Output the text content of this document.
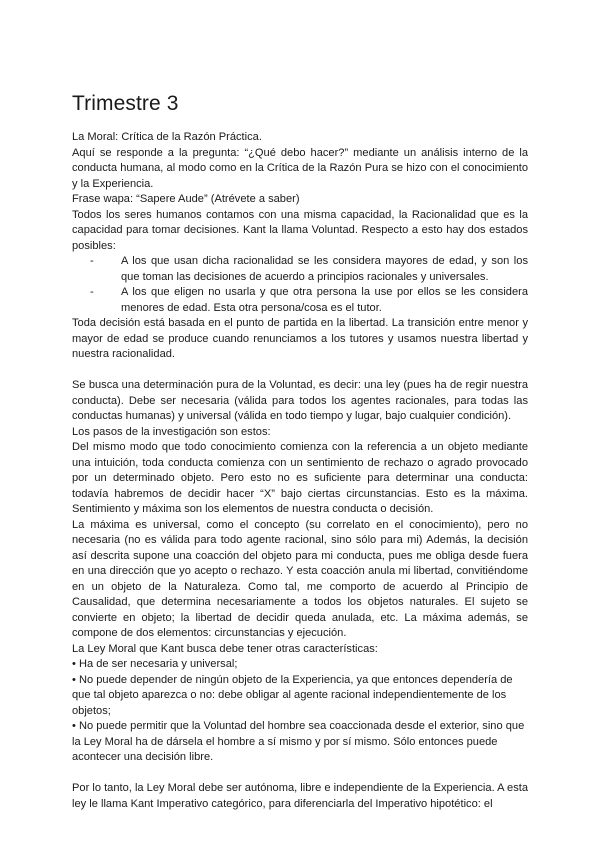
Trimestre 3

La Moral: Crítica de la Razón Práctica.

Aquí se responde a la pregunta: “¿Qué debo hacer?” mediante un análisis interno de la conducta humana, al modo como en la Crítica de la Razón Pura se hizo con el conocimiento y la Experiencia.

Frase wapa: “Sapere Aude” (Atrévete a saber)

Todos los seres humanos contamos con una misma capacidad, la Racionalidad que es la capacidad para tomar decisiones. Kant la llama Voluntad. Respecto a esto hay dos estados posibles:

- A los que usan dicha racionalidad se les considera mayores de edad, y son los que toman las decisiones de acuerdo a principios racionales y universales.
- A los que eligen no usarla y que otra persona la use por ellos se les considera menores de edad. Esta otra persona/cosa es el tutor.

Toda decisión está basada en el punto de partida en la libertad. La transición entre menor y mayor de edad se produce cuando renunciamos a los tutores y usamos nuestra libertad y nuestra racionalidad.

Se busca una determinación pura de la Voluntad, es decir: una ley (pues ha de regir nuestra conducta). Debe ser necesaria (válida para todos los agentes racionales, para todas las conductas humanas) y universal (válida en todo tiempo y lugar, bajo cualquier condición).

Los pasos de la investigación son estos:

Del mismo modo que todo conocimiento comienza con la referencia a un objeto mediante una intuición, toda conducta comienza con un sentimiento de rechazo o agrado provocado por un determinado objeto. Pero esto no es suficiente para determinar una conducta: todavía habremos de decidir hacer “X” bajo ciertas circunstancias. Esto es la máxima. Sentimiento y máxima son los elementos de nuestra conducta o decisión.

La máxima es universal, como el concepto (su correlato en el conocimiento), pero no necesaria (no es válida para todo agente racional, sino sólo para mi) Además, la decisión así descrita supone una coacción del objeto para mi conducta, pues me obliga desde fuera en una dirección que yo acepto o rechazo. Y esta coacción anula mi libertad, convitiéndome en un objeto de la Naturaleza. Como tal, me comporto de acuerdo al Principio de Causalidad, que determina necesariamente a todos los objetos naturales. El sujeto se convierte en objeto; la libertad de decidir queda anulada, etc. La máxima además, se compone de dos elementos: circunstancias y ejecución.

La Ley Moral que Kant busca debe tener otras características:

• Ha de ser necesaria y universal;

• No puede depender de ningún objeto de la Experiencia, ya que entonces dependería de que tal objeto aparezca o no: debe obligar al agente racional independientemente de los objetos;

• No puede permitir que la Voluntad del hombre sea coaccionada desde el exterior, sino que la Ley Moral ha de dársela el hombre a sí mismo y por sí mismo. Sólo entonces puede acontecer una decisión libre.

Por lo tanto, la Ley Moral debe ser autónoma, libre e independiente de la Experiencia. A esta ley le llama Kant Imperativo categórico, para diferenciarla del Imperativo hipotético: el
